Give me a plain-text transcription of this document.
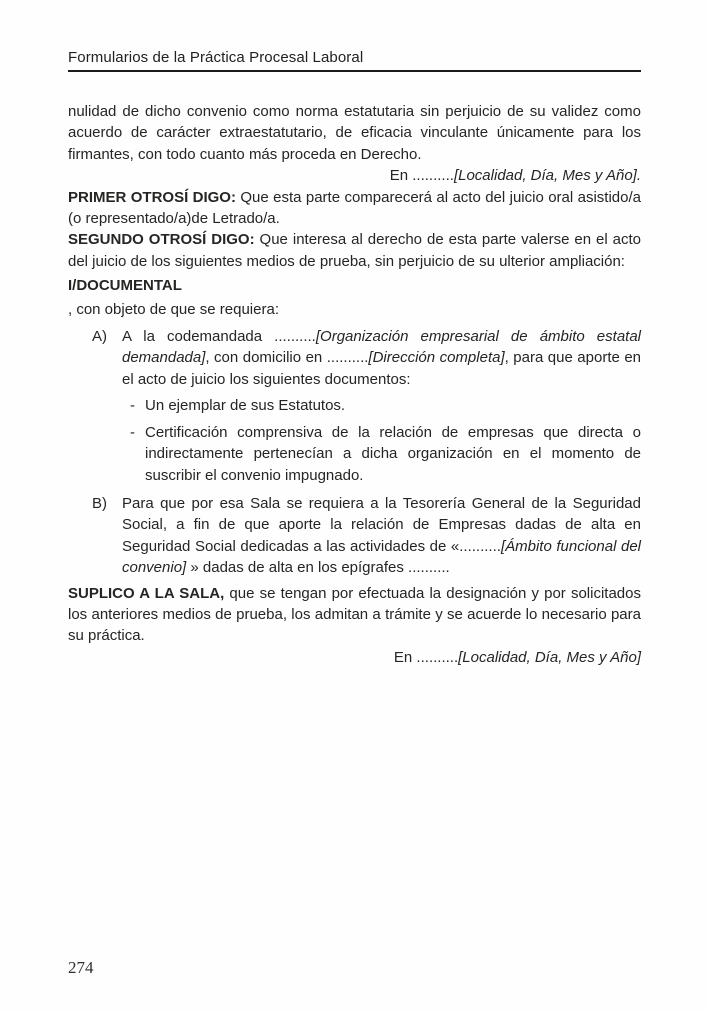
Formularios de la Práctica Procesal Laboral

nulidad de dicho convenio como norma estatutaria sin perjuicio de su validez como acuerdo de carácter extraestatutario, de eficacia vinculante únicamente para los firmantes, con todo cuanto más proceda en Derecho.

En ..........[Localidad, Día, Mes y Año].

PRIMER OTROSÍ DIGO: Que esta parte comparecerá al acto del juicio oral asistido/a (o representado/a)de Letrado/a.

SEGUNDO OTROSÍ DIGO: Que interesa al derecho de esta parte valerse en el acto del juicio de los siguientes medios de prueba, sin perjuicio de su ulterior ampliación:

I/DOCUMENTAL

, con objeto de que se requiera:

A)	A la codemandada ..........[Organización empresarial de ámbito estatal demandada], con domicilio en ..........[Dirección completa], para que aporte en el acto de juicio los siguientes documentos:
- Un ejemplar de sus Estatutos.
- Certificación comprensiva de la relación de empresas que directa o indirectamente pertenecían a dicha organización en el momento de suscribir el convenio impugnado.
B)	Para que por esa Sala se requiera a la Tesorería General de la Seguridad Social, a fin de que aporte la relación de Empresas dadas de alta en Seguridad Social dedicadas a las actividades de «..........[Ámbito funcional del convenio] » dadas de alta en los epígrafes ..........

SUPLICO A LA SALA, que se tengan por efectuada la designación y por solicitados los anteriores medios de prueba, los admitan a trámite y se acuerde lo necesario para su práctica.

En ..........[Localidad, Día, Mes y Año]

274
